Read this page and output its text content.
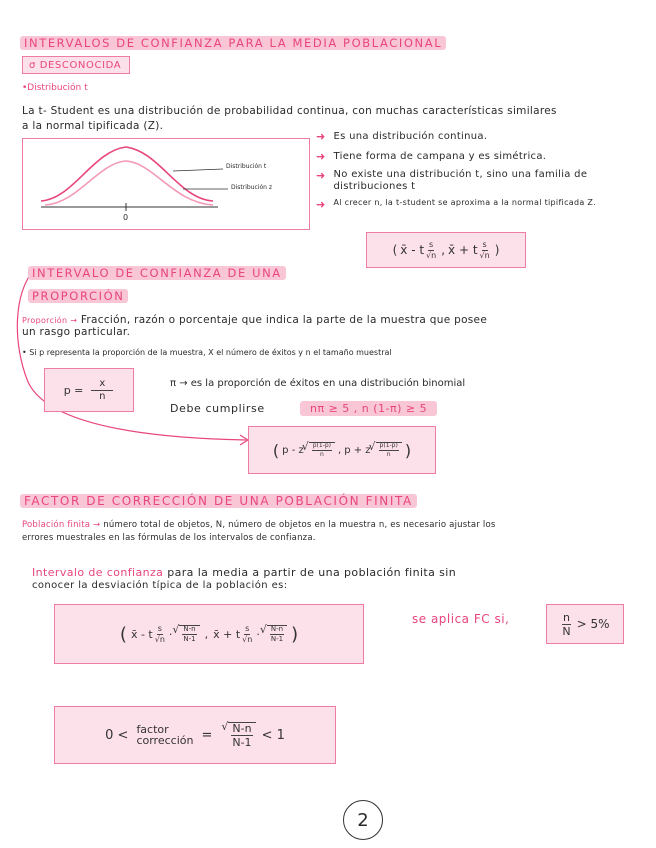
INTERVALOS DE CONFIANZA PARA LA MEDIA POBLACIONAL
σ DESCONOCIDA
•Distribución t
La t- Student es una distribución de probabilidad continua, con muchas características similares
a la normal tipificada (Z).
Distribución t
Distribución z
0
➜ Es una distribución continua.
➜ Tiene forma de campana y es simétrica.
➜ No existe una distribución t, sino una familia de distribuciones t
➜ Al crecer n, la t-student se aproxima a la normal tipificada Z.
( x̄ - t $\frac{s}{√n}$ , x̄ + t $\frac{s}{√n}$ )
INTERVALO DE CONFIANZA DE UNA
PROPORCIÓN
Proporción → Fracción, razón o porcentaje que indica la parte de la muestra que posee
un rasgo particular.
• Si p representa la proporción de la muestra, X el número de éxitos y n el tamaño muestral
$p = \frac{x}{n}$	π → es la proporción de éxitos en una distribución binomial
Debe cumplirse	nπ ≥ 5 , n (1-π) ≥ 5
( p - z √ $\frac{p(1-p)}{n}$ , p + z √ $\frac{p(1-p)}{n}$ )
FACTOR DE CORRECCIÓN DE UNA POBLACIÓN FINITA
Población finita → número total de objetos, N, número de objetos en la muestra n, es necesario ajustar los
errores muestrales en las fórmulas de los intervalos de confianza.
Intervalo de confianza para la media a partir de una población finita sin
conocer la desviación típica de la población es:
se aplica FC si,	$\frac{n}{N} > 5\%$
( x̄ - t $\frac{s}{√n}$ · √ $\frac{N-n}{N-1}$ , x̄ + t $\frac{s}{√n}$ · √ $\frac{N-n}{N-1}$ )
0 < factor
corrección = √ $\frac{N-n}{N-1} < 1$
2
